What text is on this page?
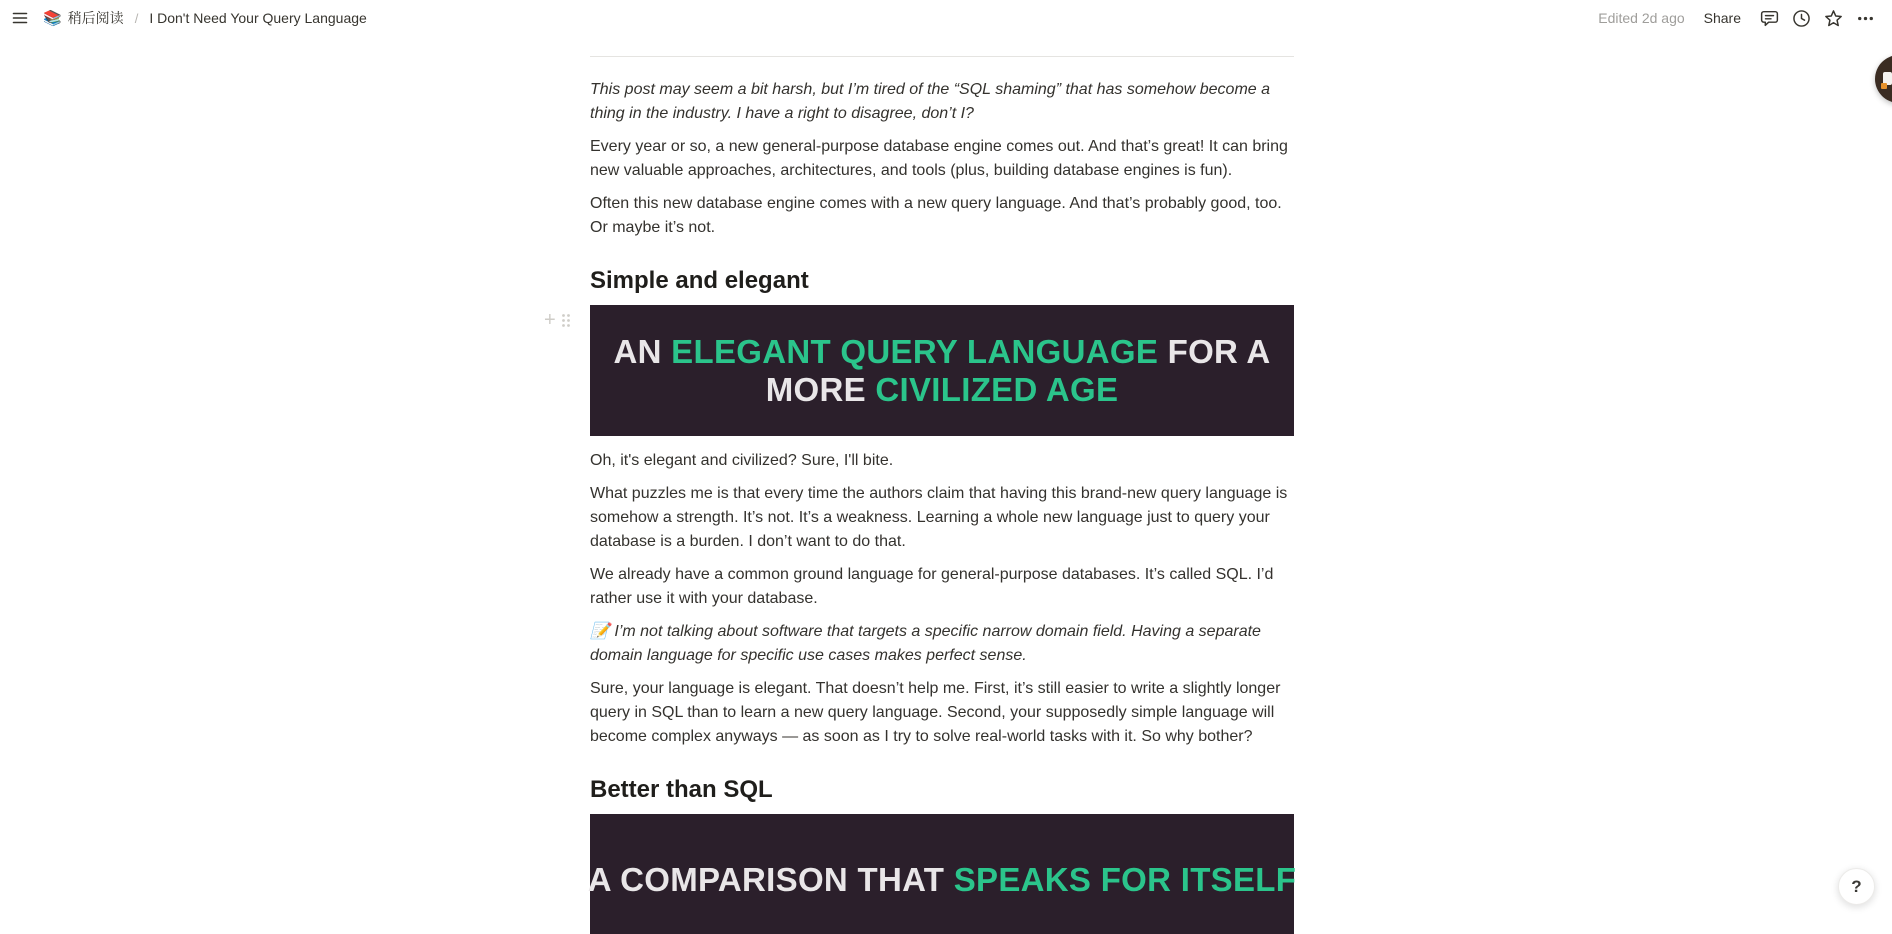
📚 稍后阅读 / I Don't Need Your Query Language	Edited 2d ago	Share

This post may seem a bit harsh, but I’m tired of the “SQL shaming” that has somehow become a thing in the industry. I have a right to disagree, don’t I?

Every year or so, a new general-purpose database engine comes out. And that’s great! It can bring new valuable approaches, architectures, and tools (plus, building database engines is fun).

Often this new database engine comes with a new query language. And that’s probably good, too. Or maybe it’s not.

Simple and elegant
+
AN ELEGANT QUERY LANGUAGE FOR A
MORE CIVILIZED AGE

Oh, it's elegant and civilized? Sure, I'll bite.

What puzzles me is that every time the authors claim that having this brand-new query language is somehow a strength. It’s not. It’s a weakness. Learning a whole new language just to query your database is a burden. I don’t want to do that.

We already have a common ground language for general-purpose databases. It’s called SQL. I’d rather use it with your database.

📝 I’m not talking about software that targets a specific narrow domain field. Having a separate domain language for specific use cases makes perfect sense.

Sure, your language is elegant. That doesn’t help me. First, it’s still easier to write a slightly longer query in SQL than to learn a new query language. Second, your supposedly simple language will become complex anyways — as soon as I try to solve real-world tasks with it. So why bother?

Better than SQL
A COMPARISON THAT SPEAKS FOR ITSELF	?
